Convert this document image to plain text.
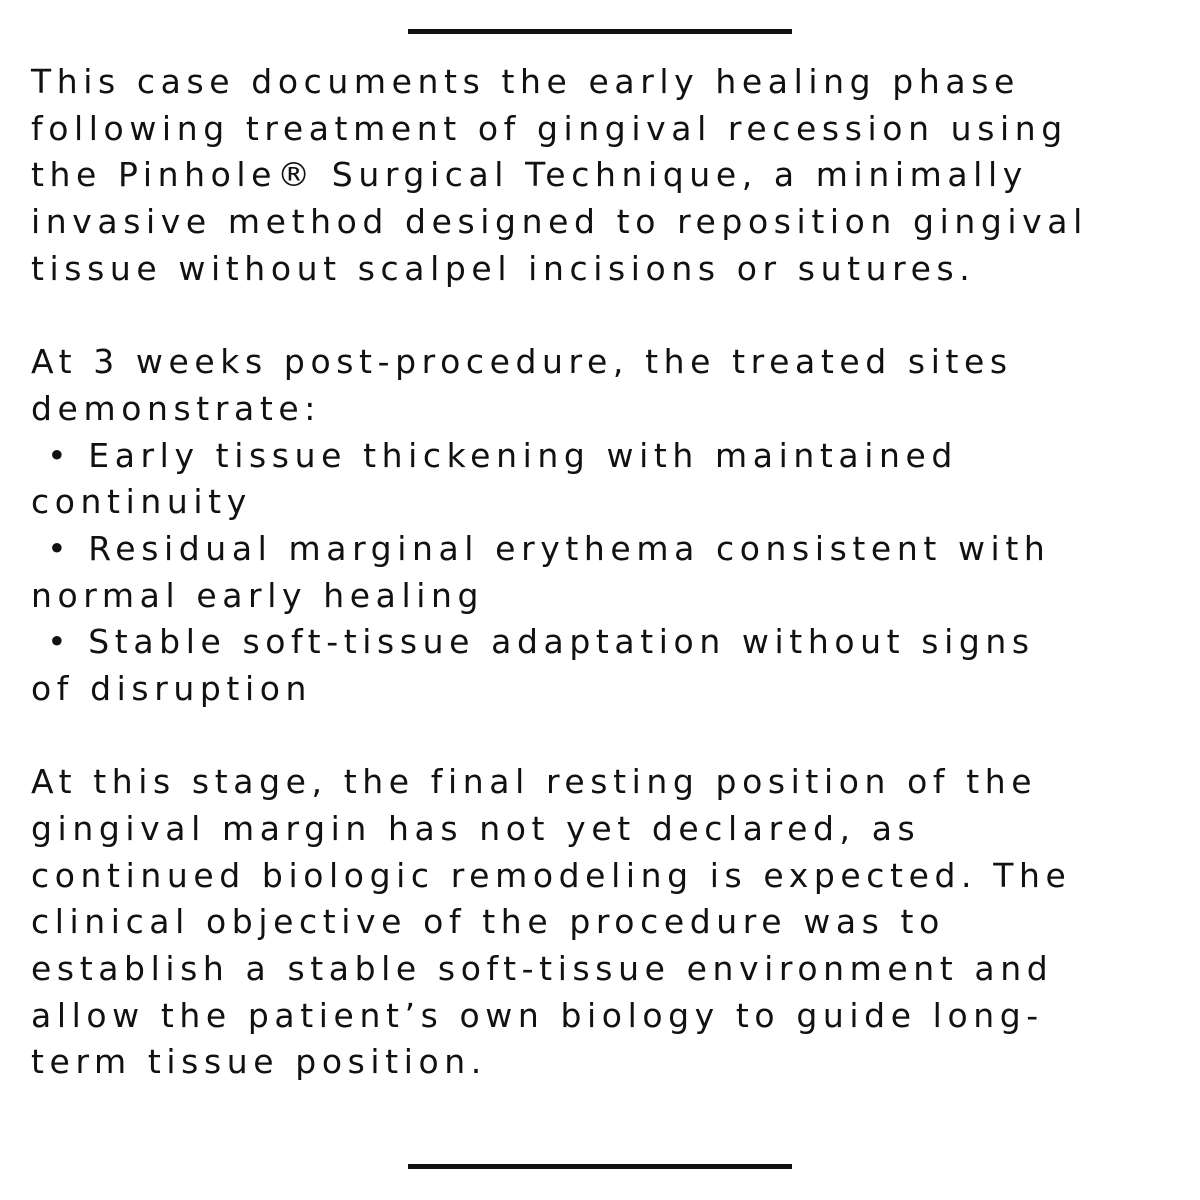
This case documents the early healing phase
following treatment of gingival recession using
the Pinhole® Surgical Technique, a minimally
invasive method designed to reposition gingival
tissue without scalpel incisions or sutures.
At 3 weeks post-procedure, the treated sites
demonstrate:
• Early tissue thickening with maintained
continuity
• Residual marginal erythema consistent with
normal early healing
• Stable soft-tissue adaptation without signs
of disruption
At this stage, the final resting position of the
gingival margin has not yet declared, as
continued biologic remodeling is expected. The
clinical objective of the procedure was to
establish a stable soft-tissue environment and
allow the patient’s own biology to guide long-
term tissue position.
